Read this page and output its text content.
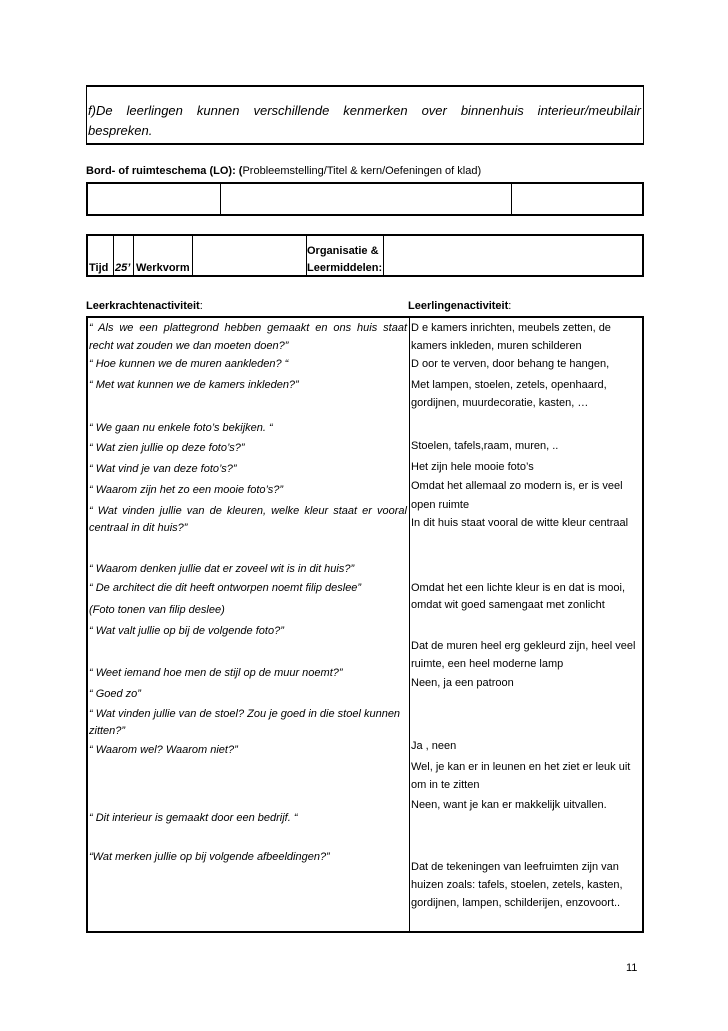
f)De leerlingen kunnen verschillende kenmerken over binnenhuis interieur/meubilair
bespreken.
Bord- of ruimteschema (LO): (Probleemstelling/Titel & kern/Oefeningen of klad)
Tijd 25’ Werkvorm
Organisatie &
Leermiddelen:
Leerkrachtenactiviteit:	Leerlingenactiviteit:
“ Als we een plattegrond hebben gemaakt en ons huis staat
recht wat zouden we dan moeten doen?”
“ Hoe kunnen we de muren aankleden? “
“ Met wat kunnen we de kamers inkleden?”
“ We gaan nu enkele foto’s bekijken. “
“ Wat zien jullie op deze foto’s?”
“ Wat vind je van deze foto’s?”
“ Waarom zijn het zo een mooie foto’s?”
“ Wat vinden jullie van de kleuren, welke kleur staat er vooral
centraal in dit huis?”
“ Waarom denken jullie dat er zoveel wit is in dit huis?”
“ De architect die dit heeft ontworpen noemt filip deslee”
(Foto tonen van filip deslee)
“ Wat valt jullie op bij de volgende foto?”
“ Weet iemand hoe men de stijl op de muur noemt?”
“ Goed zo”
“ Wat vinden jullie van de stoel? Zou je goed in die stoel kunnen
zitten?”
“ Waarom wel? Waarom niet?”
“ Dit interieur is gemaakt door een bedrijf. “
“Wat merken jullie op bij volgende afbeeldingen?”
D e kamers inrichten, meubels zetten, de
kamers inkleden, muren schilderen
D oor te verven, door behang te hangen,
Met lampen, stoelen, zetels, openhaard,
gordijnen, muurdecoratie, kasten, …
Stoelen, tafels,raam, muren, ..
Het zijn hele mooie foto’s
Omdat het allemaal zo modern is, er is veel
open ruimte
In dit huis staat vooral de witte kleur centraal
Omdat het een lichte kleur is en dat is mooi,
omdat wit goed samengaat met zonlicht
Dat de muren heel erg gekleurd zijn, heel veel
ruimte, een heel moderne lamp
Neen, ja een patroon
Ja , neen
Wel, je kan er in leunen en het ziet er leuk uit
om in te zitten
Neen, want je kan er makkelijk uitvallen.
Dat de tekeningen van leefruimten zijn van
huizen zoals: tafels, stoelen, zetels, kasten,
gordijnen, lampen, schilderijen, enzovoort..
11
